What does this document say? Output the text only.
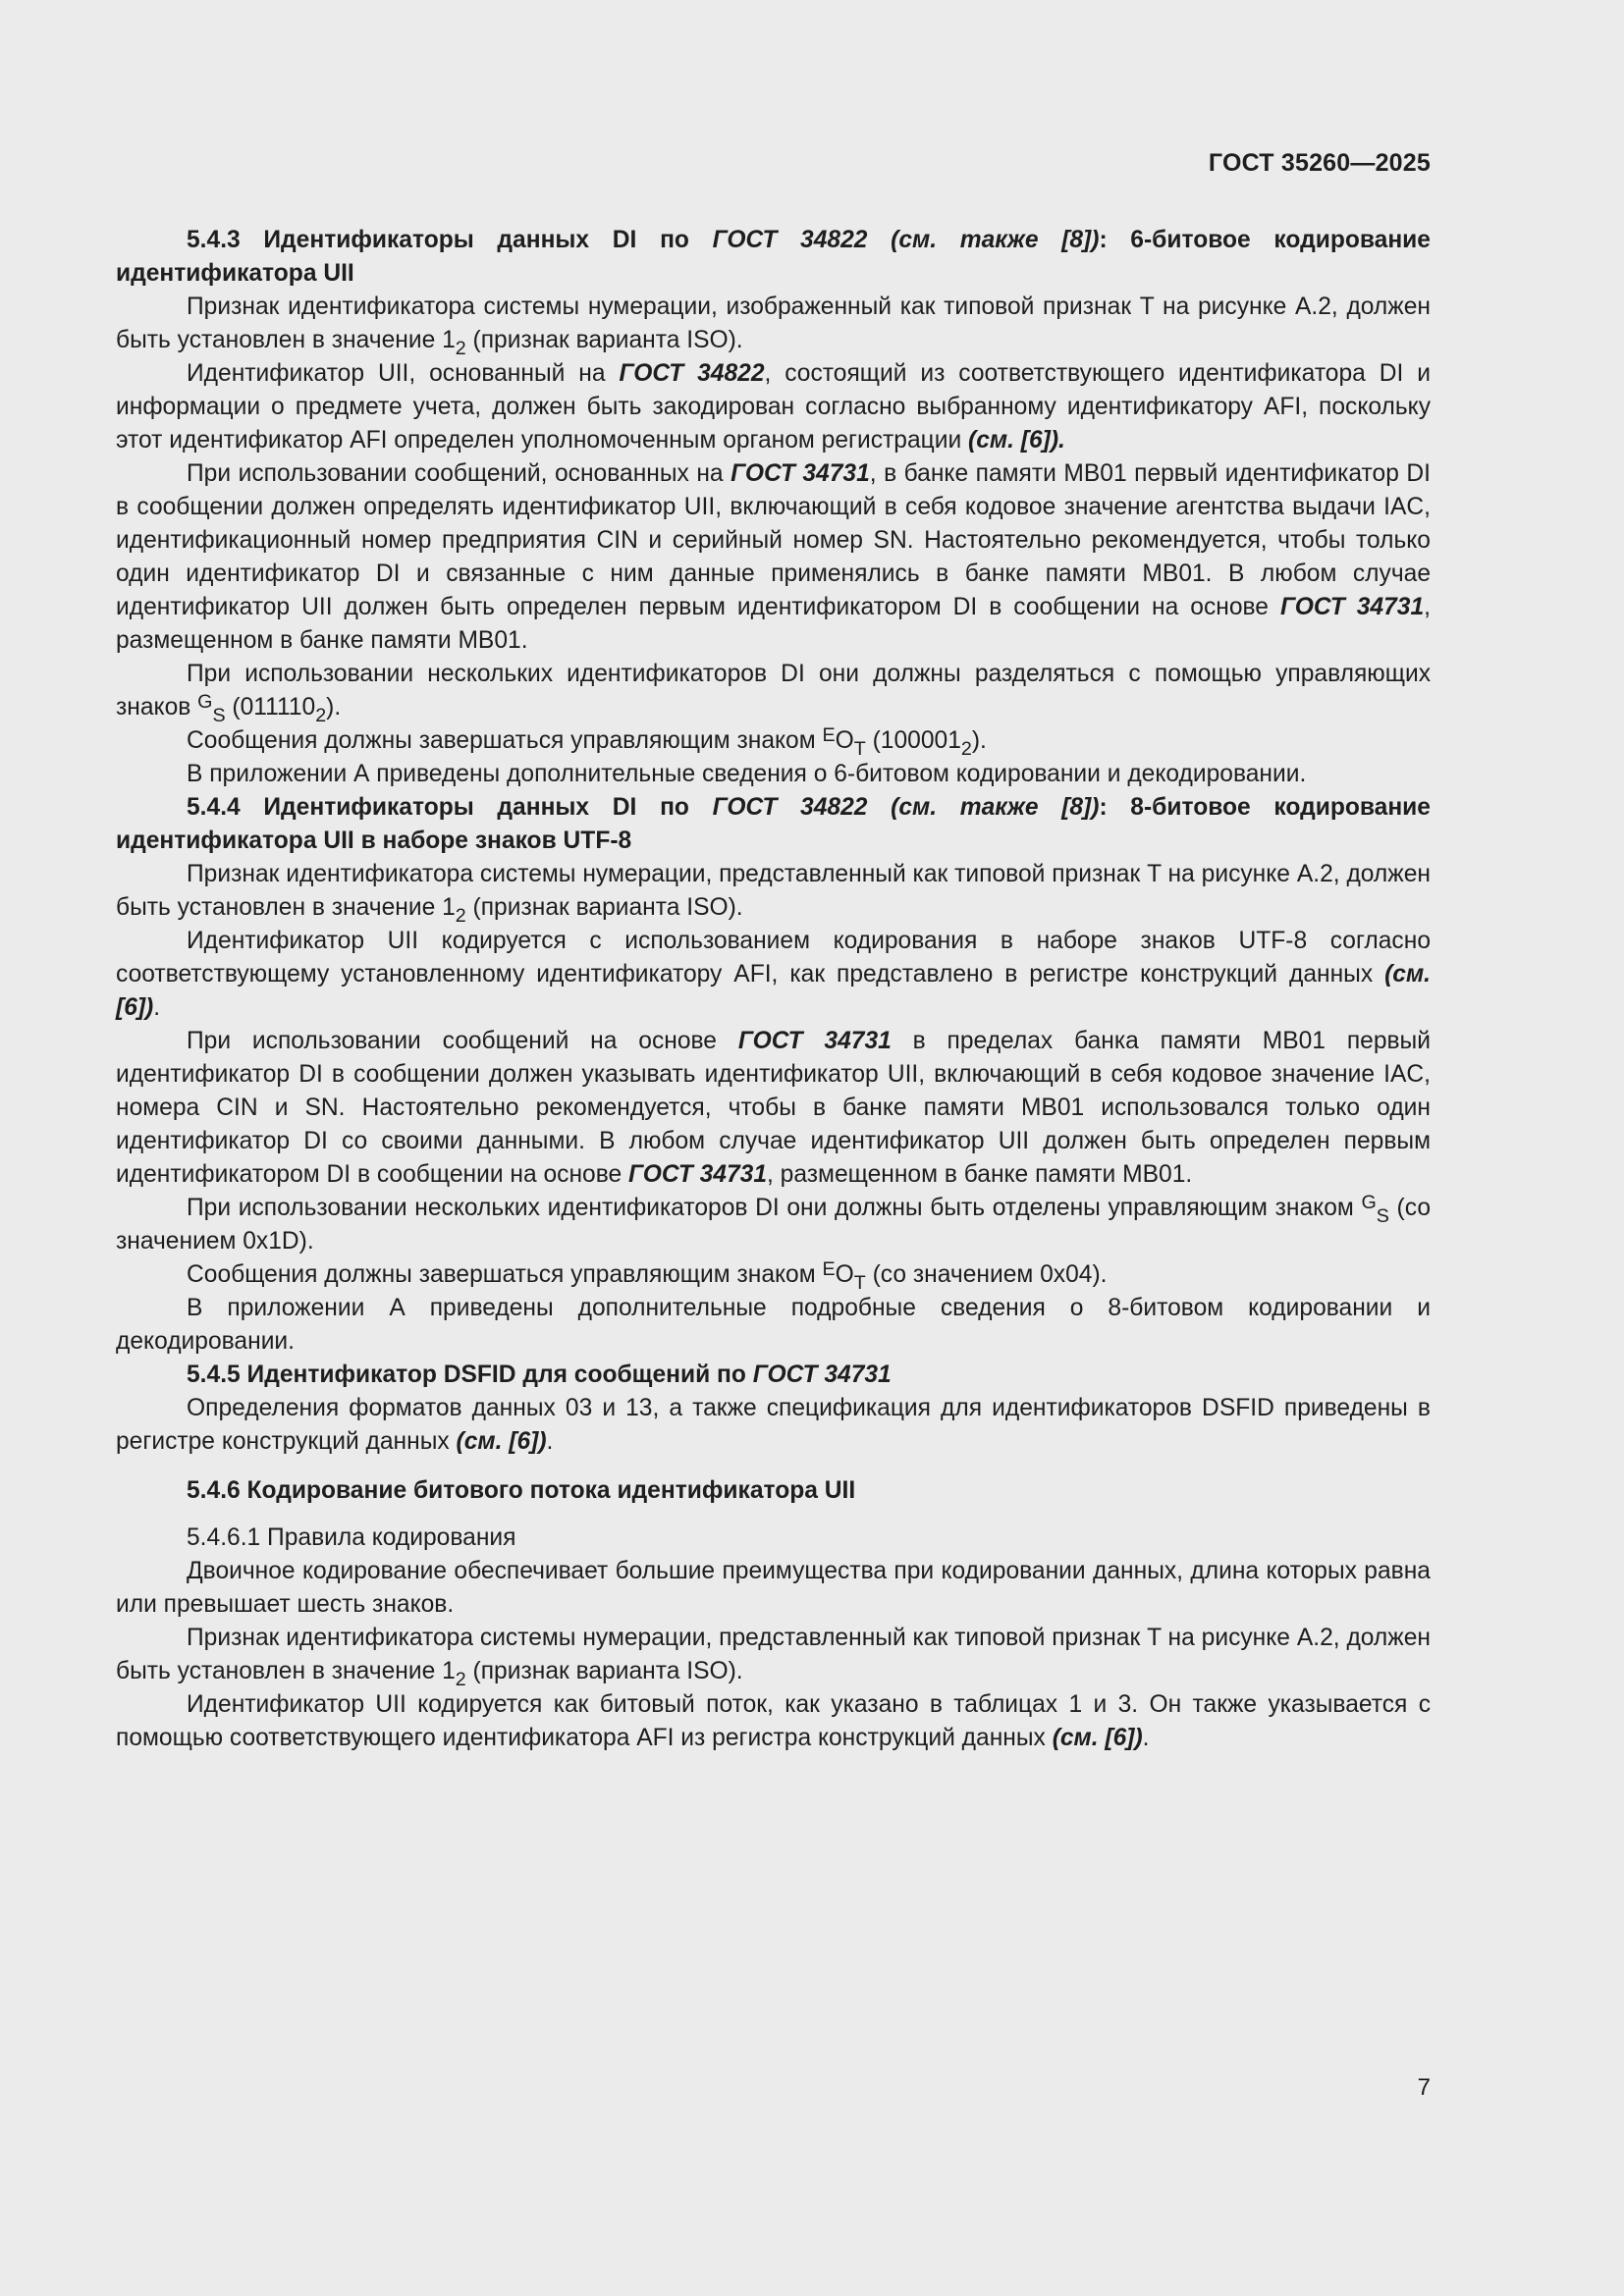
ГОСТ 35260—2025

5.4.3 Идентификаторы данных DI по ГОСТ 34822 (см. также [8]): 6-битовое кодирование идентификатора UII

Признак идентификатора системы нумерации, изображенный как типовой признак T на рисунке А.2, должен быть установлен в значение $1_2$ (признак варианта ISO).

Идентификатор UII, основанный на ГОСТ 34822, состоящий из соответствующего идентификатора DI и информации о предмете учета, должен быть закодирован согласно выбранному идентификатору AFI, поскольку этот идентификатор AFI определен уполномоченным органом регистрации (см. [6]).

При использовании сообщений, основанных на ГОСТ 34731, в банке памяти MB01 первый идентификатор DI в сообщении должен определять идентификатор UII, включающий в себя кодовое значение агентства выдачи IAC, идентификационный номер предприятия CIN и серийный номер SN. Настоятельно рекомендуется, чтобы только один идентификатор DI и связанные с ним данные применялись в банке памяти MB01. В любом случае идентификатор UII должен быть определен первым идентификатором DI в сообщении на основе ГОСТ 34731, размещенном в банке памяти MB01.

При использовании нескольких идентификаторов DI они должны разделяться с помощью управляющих знаков $^G_S$ $(011110_2)$.

Сообщения должны завершаться управляющим знаком $^EO_T$ $(100001_2)$.

В приложении А приведены дополнительные сведения о 6-битовом кодировании и декодировании.

5.4.4 Идентификаторы данных DI по ГОСТ 34822 (см. также [8]): 8-битовое кодирование идентификатора UII в наборе знаков UTF-8

Признак идентификатора системы нумерации, представленный как типовой признак T на рисунке А.2, должен быть установлен в значение $1_2$ (признак варианта ISO).

Идентификатор UII кодируется с использованием кодирования в наборе знаков UTF-8 согласно соответствующему установленному идентификатору AFI, как представлено в регистре конструкций данных (см. [6]).

При использовании сообщений на основе ГОСТ 34731 в пределах банка памяти MB01 первый идентификатор DI в сообщении должен указывать идентификатор UII, включающий в себя кодовое значение IAC, номера CIN и SN. Настоятельно рекомендуется, чтобы в банке памяти MB01 использовался только один идентификатор DI со своими данными. В любом случае идентификатор UII должен быть определен первым идентификатором DI в сообщении на основе ГОСТ 34731, размещенном в банке памяти MB01.

При использовании нескольких идентификаторов DI они должны быть отделены управляющим знаком $^G_S$ (со значением 0x1D).

Сообщения должны завершаться управляющим знаком $^EO_T$ (со значением 0x04).

В приложении А приведены дополнительные подробные сведения о 8-битовом кодировании и декодировании.

5.4.5 Идентификатор DSFID для сообщений по ГОСТ 34731

Определения форматов данных 03 и 13, а также спецификация для идентификаторов DSFID приведены в регистре конструкций данных (см. [6]).

5.4.6 Кодирование битового потока идентификатора UII

5.4.6.1 Правила кодирования

Двоичное кодирование обеспечивает большие преимущества при кодировании данных, длина которых равна или превышает шесть знаков.

Признак идентификатора системы нумерации, представленный как типовой признак T на рисунке А.2, должен быть установлен в значение $1_2$ (признак варианта ISO).

Идентификатор UII кодируется как битовый поток, как указано в таблицах 1 и 3. Он также указывается с помощью соответствующего идентификатора AFI из регистра конструкций данных (см. [6]).

7
